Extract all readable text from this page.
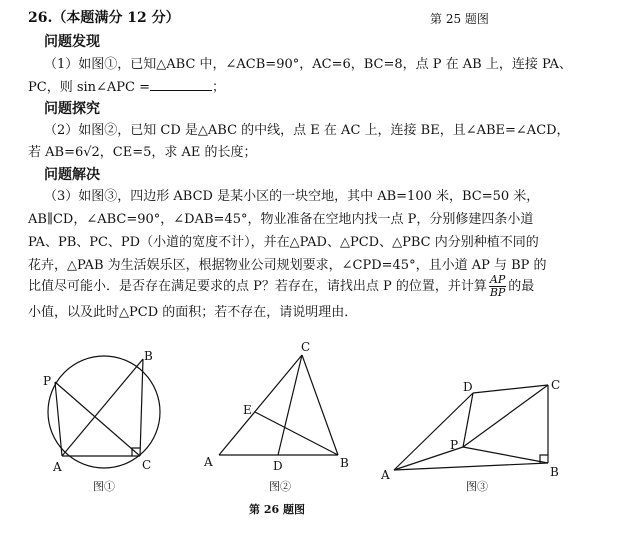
26.（本题满分 12 分）	第 25 题图
问题发现
（1）如图①，已知△ABC 中，∠ACB=90°，AC=6，BC=8，点 P 在 AB 上，连接 PA、
PC，则 sin∠APC =	；
问题探究
（2）如图②，已知 CD 是△ABC 的中线，点 E 在 AC 上，连接 BE，且∠ABE=∠ACD，
若 AB=6√2，CE=5，求 AE 的长度；
问题解决
（3）如图③，四边形 ABCD 是某小区的一块空地，其中 AB=100 米，BC=50 米，
AB∥CD，∠ABC=90°，∠DAB=45°，物业准备在空地内找一点 P，分别修建四条小道
PA、PB、PC、PD（小道的宽度不计），并在△PAD、△PCD、△PBC 内分别种植不同的
花卉，△PAB 为生活娱乐区，根据物业公司规划要求，∠CPD=45°，且小道 AP 与 BP 的
比值尽可能小．是否存在满足要求的点 P？若存在，请找出点 P 的位置，并计算 $\frac{AP}{BP}$ 的最
小值，以及此时△PCD 的面积；若不存在，请说明理由．
A
B
C
P
图①
A	B
C
D
E
图②
A	B
C
D
P
图③
第 26 题图
